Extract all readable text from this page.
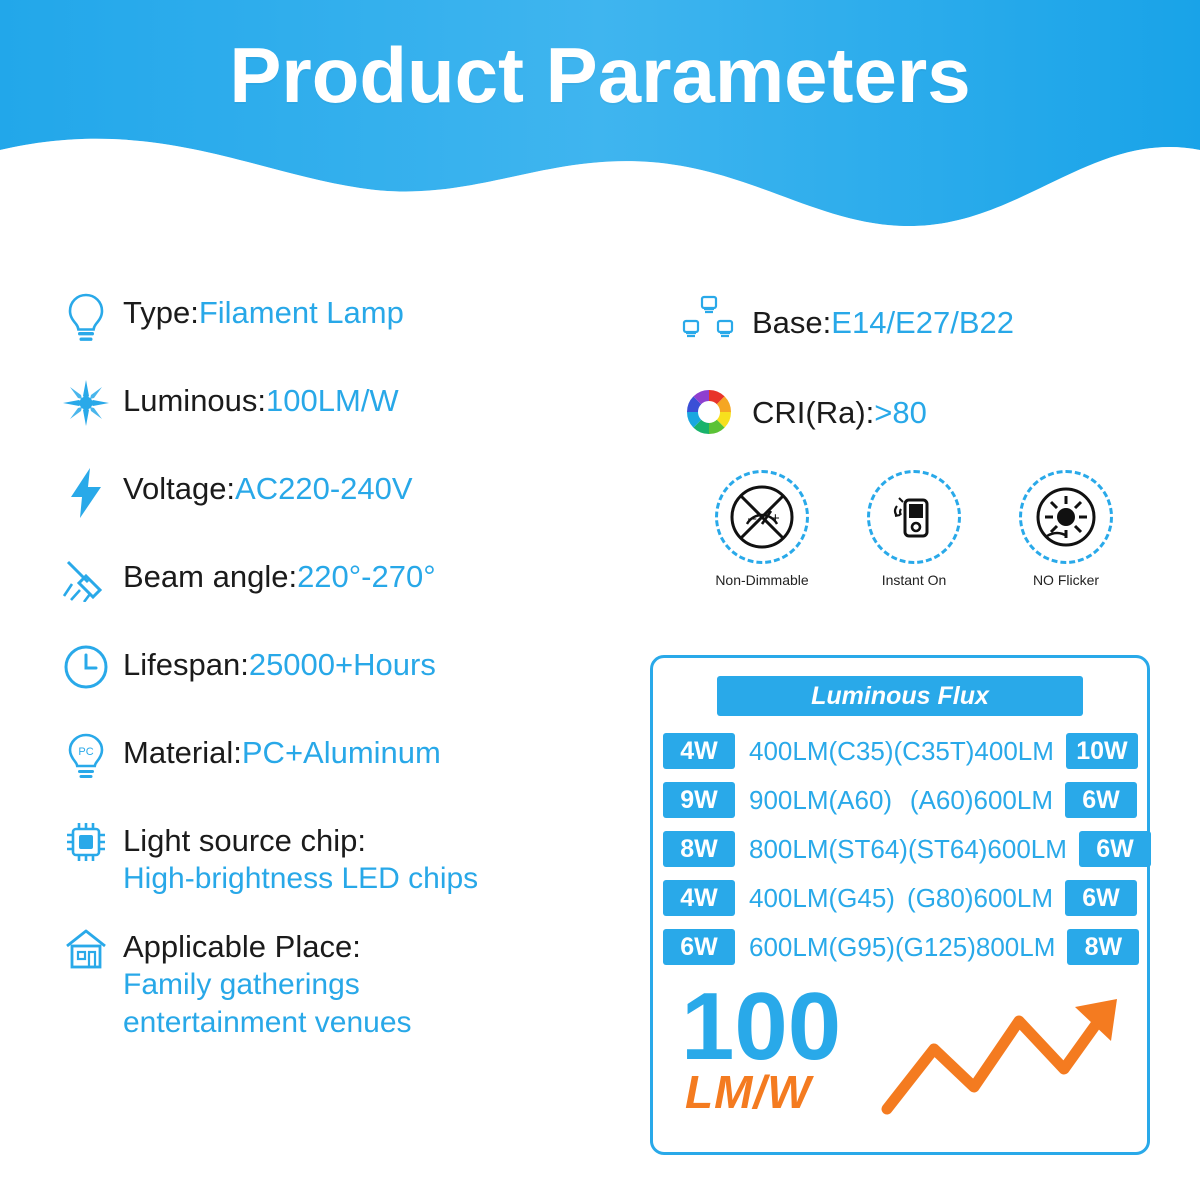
Product Parameters
Type:Filament Lamp
Luminous:100LM/W
Voltage:AC220-240V
Beam angle:220°-270°
Lifespan:25000+Hours
PC Material:PC+Aluminum
Light source chip:
High-brightness LED chips
Applicable Place:
Family gatherings
entertainment venues
Base:E14/E27/B22
CRI(Ra):>80
– +
Non-Dimmable	Instant On	NO Flicker
Luminous Flux
4W	400LM(C35) (C35T)400LM 10W
9W	900LM(A60) (A60)600LM	6W
8W	800LM(ST64) (ST64)600LM	6W
4W	400LM(G45) (G80)600LM	6W
6W	600LM(G95) (G125)800LM	8W
100
LM/W
